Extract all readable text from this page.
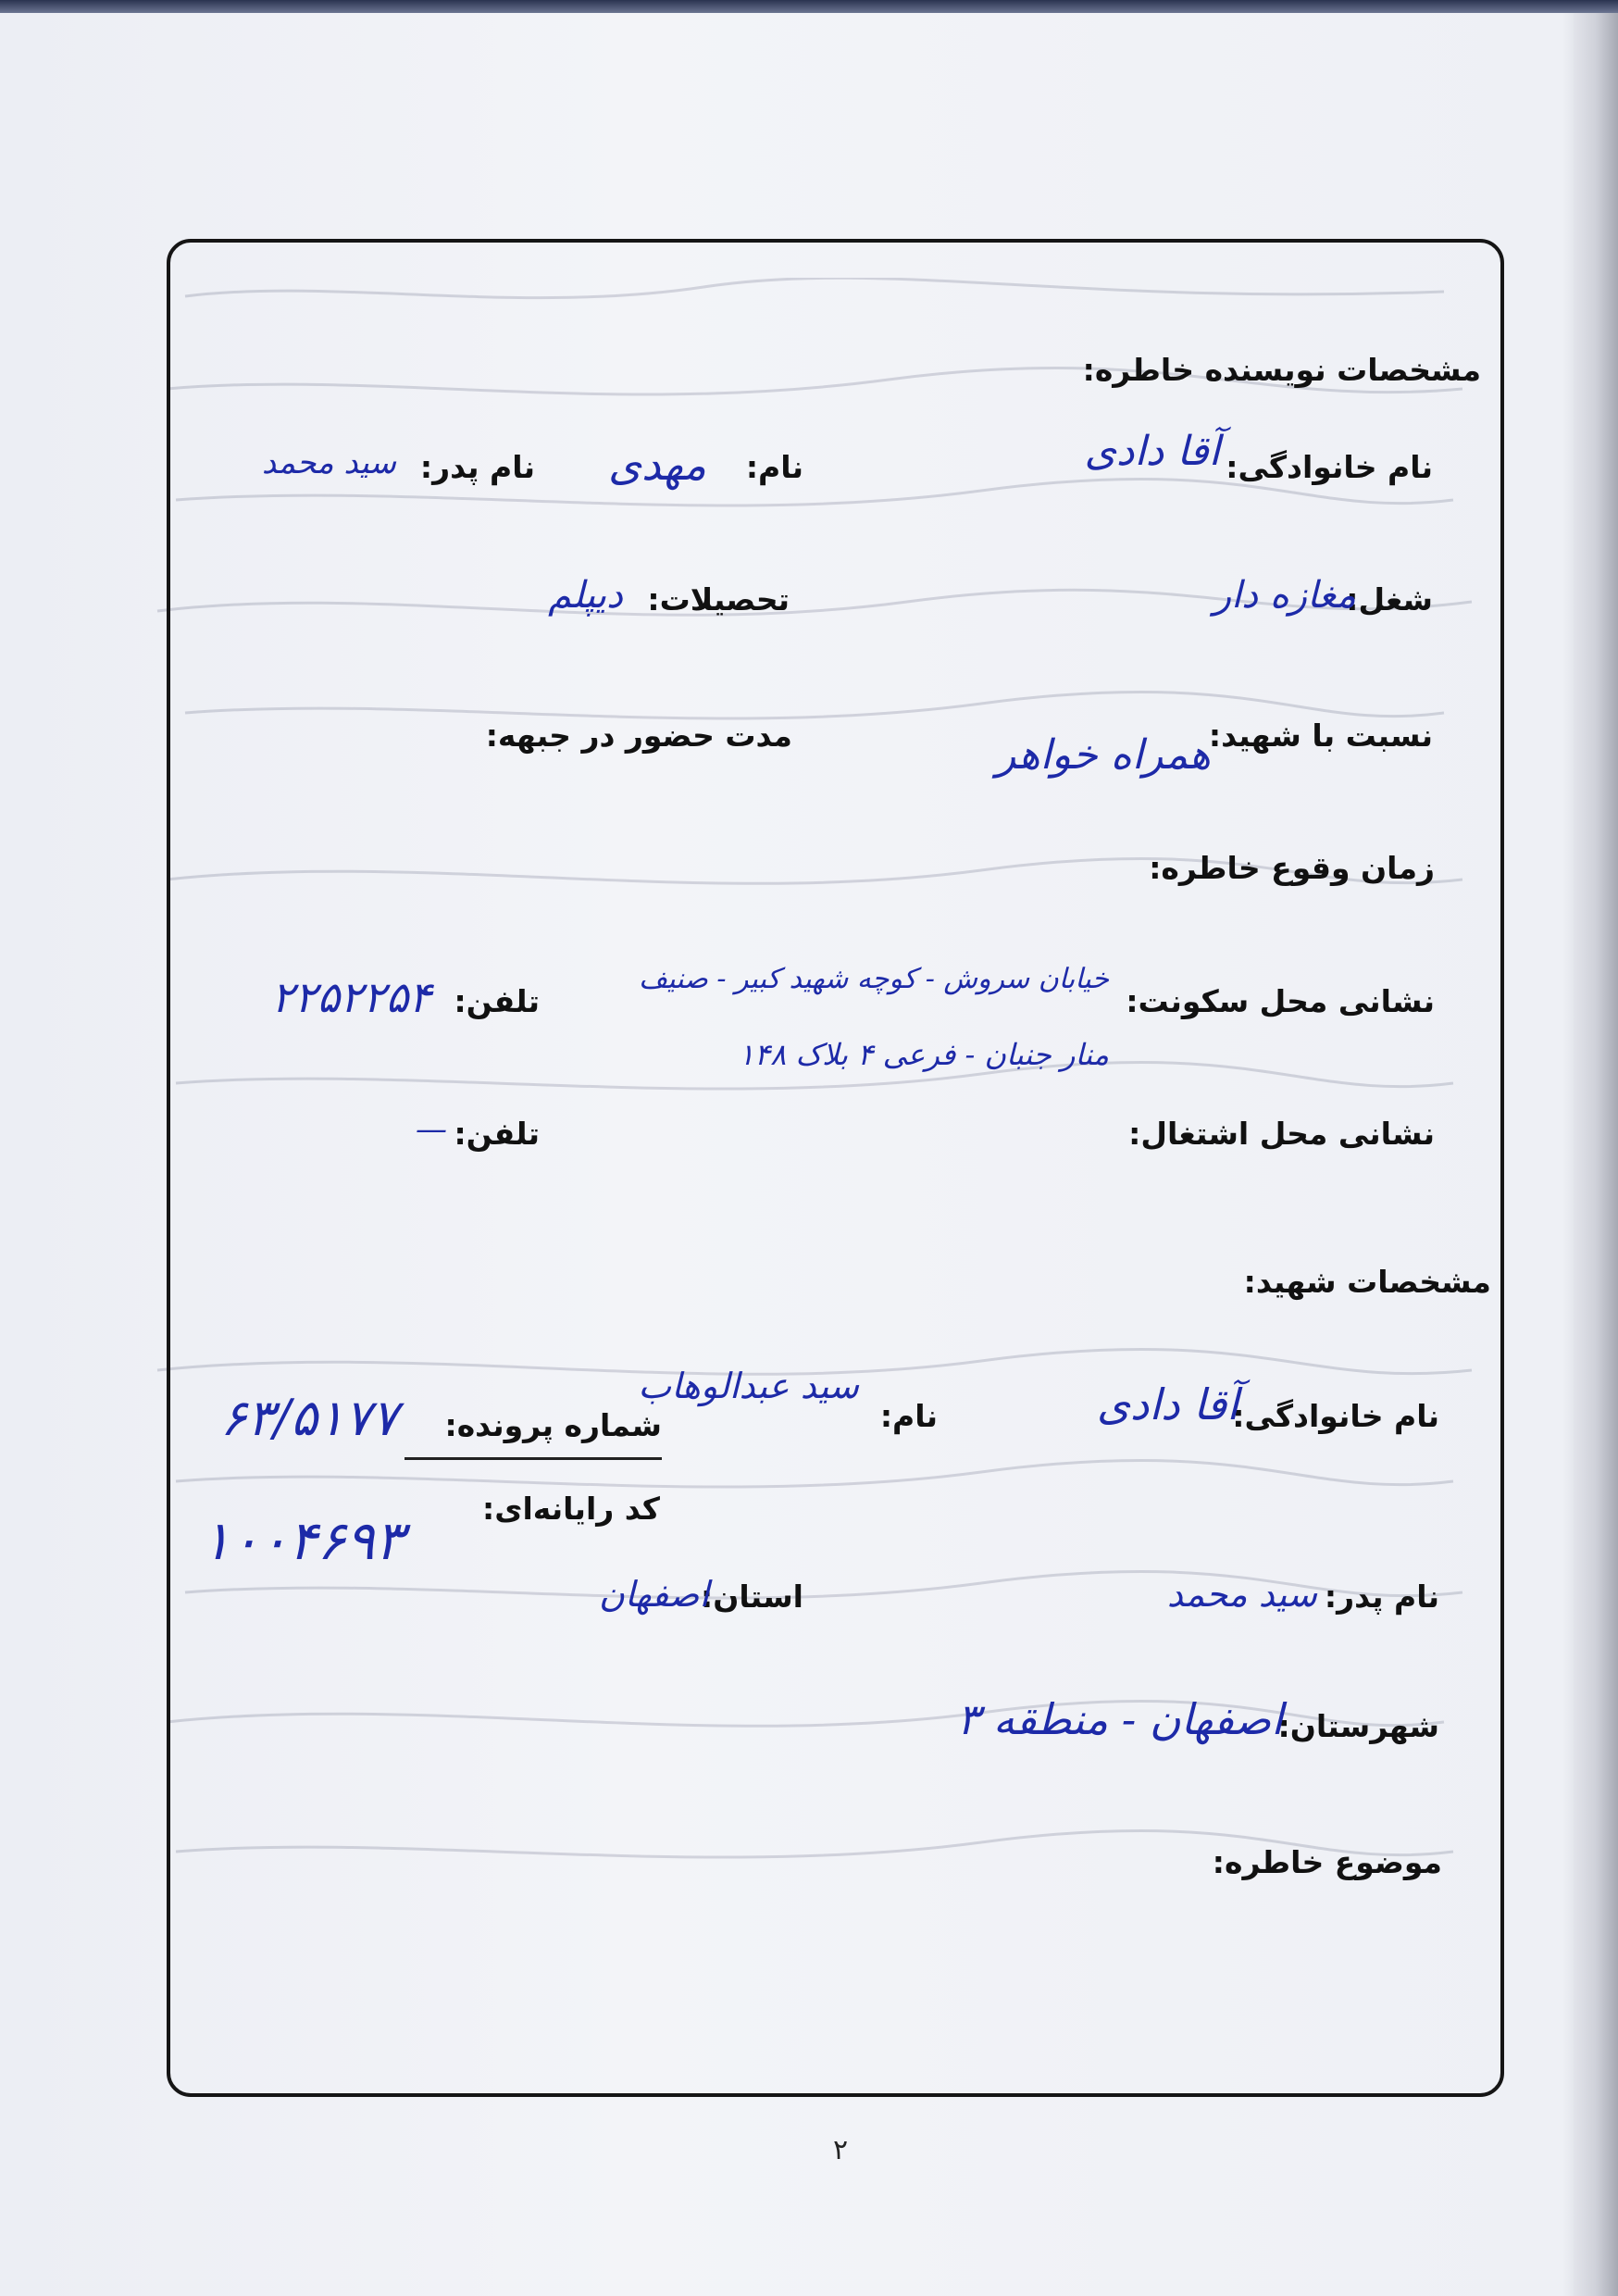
مشخصات نویسنده خاطره:
نام خانوادگی:
آقا دادی
نام:
مهدی
نام پدر:
سید محمد
شغل:
مغازه دار
تحصیلات:
دیپلم
نسبت با شهید:
همراه خواهر
مدت حضور در جبهه:
زمان وقوع خاطره:
نشانی محل سکونت:
خیابان سروش - کوچه شهید کبیر - صنیف
منار جنبان - فرعی ۴ بلاک ۱۴۸
تلفن:
۲۲۵۲۲۵۴
نشانی محل اشتغال:
تلفن:
—
مشخصات شهید:
نام خانوادگی:
آقا دادی
نام:
سید عبدالوهاب
شماره پرونده:
۶۳/۵۱۷۷
کد رایانه‌ای:
۱۰۰۴۶۹۳
نام پدر:
سید محمد
استان:
اصفهان
شهرستان:
اصفهان - منطقه ۳
موضوع خاطره:
۲
